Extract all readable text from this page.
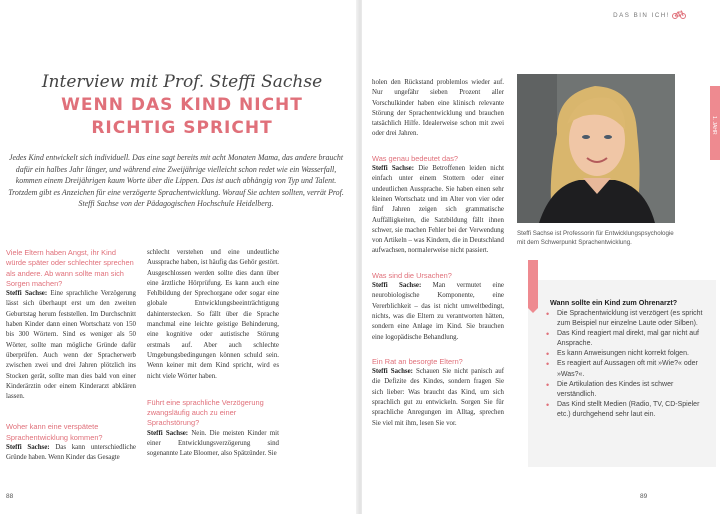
Interview mit Prof. Steffi Sachse
WENN DAS KIND NICHT
RICHTIG SPRICHT

Jedes Kind entwickelt sich individuell. Das eine sagt bereits mit acht Monaten Mama, das andere braucht dafür ein halbes Jahr länger, und während eine Zweijährige vielleicht schon redet wie ein Wasserfall, kommen einem Dreijährigen kaum Worte über die Lippen. Das ist auch abhängig von Typ und Talent. Trotzdem gibt es Anzeichen für eine verzögerte Sprachentwicklung. Worauf Sie achten sollten, verrät Prof. Steffi Sachse von der Pädagogischen Hochschule Heidelberg.

Viele Eltern haben Angst, ihr Kind würde später oder schlechter sprechen als andere. Ab wann sollte man sich Sorgen machen?
Steffi Sachse: Eine sprachliche Verzögerung lässt sich überhaupt erst um den zweiten Geburtstag herum feststellen. Im Durchschnitt haben Kinder dann einen Wortschatz von 150 bis 300 Wörtern. Sind es weniger als 50 Wörter, sollte man mögliche Gründe dafür überprüfen. Auch wenn der Spracherwerb zwischen zwei und drei Jahren plötzlich ins Stocken gerät, sollte man dies bald von einer Kinderärztin oder einem Kinderarzt abklären lassen.
Woher kann eine verspätete Sprachentwicklung kommen?
Steffi Sachse: Das kann unterschiedliche Gründe haben. Wenn Kinder das Gesagte
schlecht verstehen und eine undeutliche Aussprache haben, ist häufig das Gehör gestört. Ausgeschlossen werden sollte dies dann über eine ärztliche Hörprüfung. Es kann auch eine Fehlbildung der Sprechorgane oder sogar eine globale Entwicklungsbeeinträchtigung dahinterstecken. So fällt über die Sprache manchmal eine leichte geistige Behinderung, eine kognitive oder autistische Störung erstmals auf. Aber auch schlechte Umgebungsbedingungen können schuld sein. Wenn keiner mit dem Kind spricht, wird es nicht viele Wörter haben.
Führt eine sprachliche Verzögerung zwangsläufig auch zu einer Sprachstörung?
Steffi Sachse: Nein. Die meisten Kinder mit einer Entwicklungsverzögerung sind sogenannte Late Bloomer, also Spätzünder. Sie
88
DAS BIN ICH!
1. JAHR
holen den Rückstand problemlos wieder auf. Nur ungefähr sieben Prozent aller Vorschulkinder haben eine klinisch relevante Störung der Sprachentwicklung und brauchen tatsächlich Hilfe. Idealerweise schon mit zwei oder drei Jahren.
Was genau bedeutet das?
Steffi Sachse: Die Betroffenen leiden nicht einfach unter einem Stottern oder einer undeutlichen Aussprache. Sie haben einen sehr kleinen Wortschatz und im Alter von vier oder fünf Jahren zeigen sich grammatische Auffälligkeiten, die Satzbildung fällt ihnen schwer, sie machen Fehler bei der Verwendung von Artikeln – was Kindern, die in Deutschland aufwachsen, normalerweise nicht passiert.
Was sind die Ursachen?
Steffi Sachse: Man vermutet eine neurobiologische Komponente, eine Vererblichkeit – das ist nicht umweltbedingt, nichts, was die Eltern zu verantworten hätten, sondern eine Anlage im Kind. Sie brauchen eine logopädische Behandlung.
Ein Rat an besorgte Eltern?
Steffi Sachse: Schauen Sie nicht panisch auf die Defizite des Kindes, sondern fragen Sie sich lieber: Was braucht das Kind, um sich sprachlich gut zu entwickeln. Sorgen Sie für sprachliche Anregungen im Alltag, sprechen Sie viel mit ihm, lesen Sie vor.
Steffi Sachse ist Professorin für Entwicklungspsychologie mit dem Schwerpunkt Sprachentwicklung.
Wann sollte ein Kind zum Ohrenarzt?
• Die Sprachentwicklung ist verzögert (es spricht zum Beispiel nur einzelne Laute oder Silben).
• Das Kind reagiert mal direkt, mal gar nicht auf Ansprache.
• Es kann Anweisungen nicht korrekt folgen.
• Es reagiert auf Aussagen oft mit »Wie?« oder »Was?«.
• Die Artikulation des Kindes ist schwer verständlich.
• Das Kind stellt Medien (Radio, TV, CD-Spieler etc.) durchgehend sehr laut ein.
89
